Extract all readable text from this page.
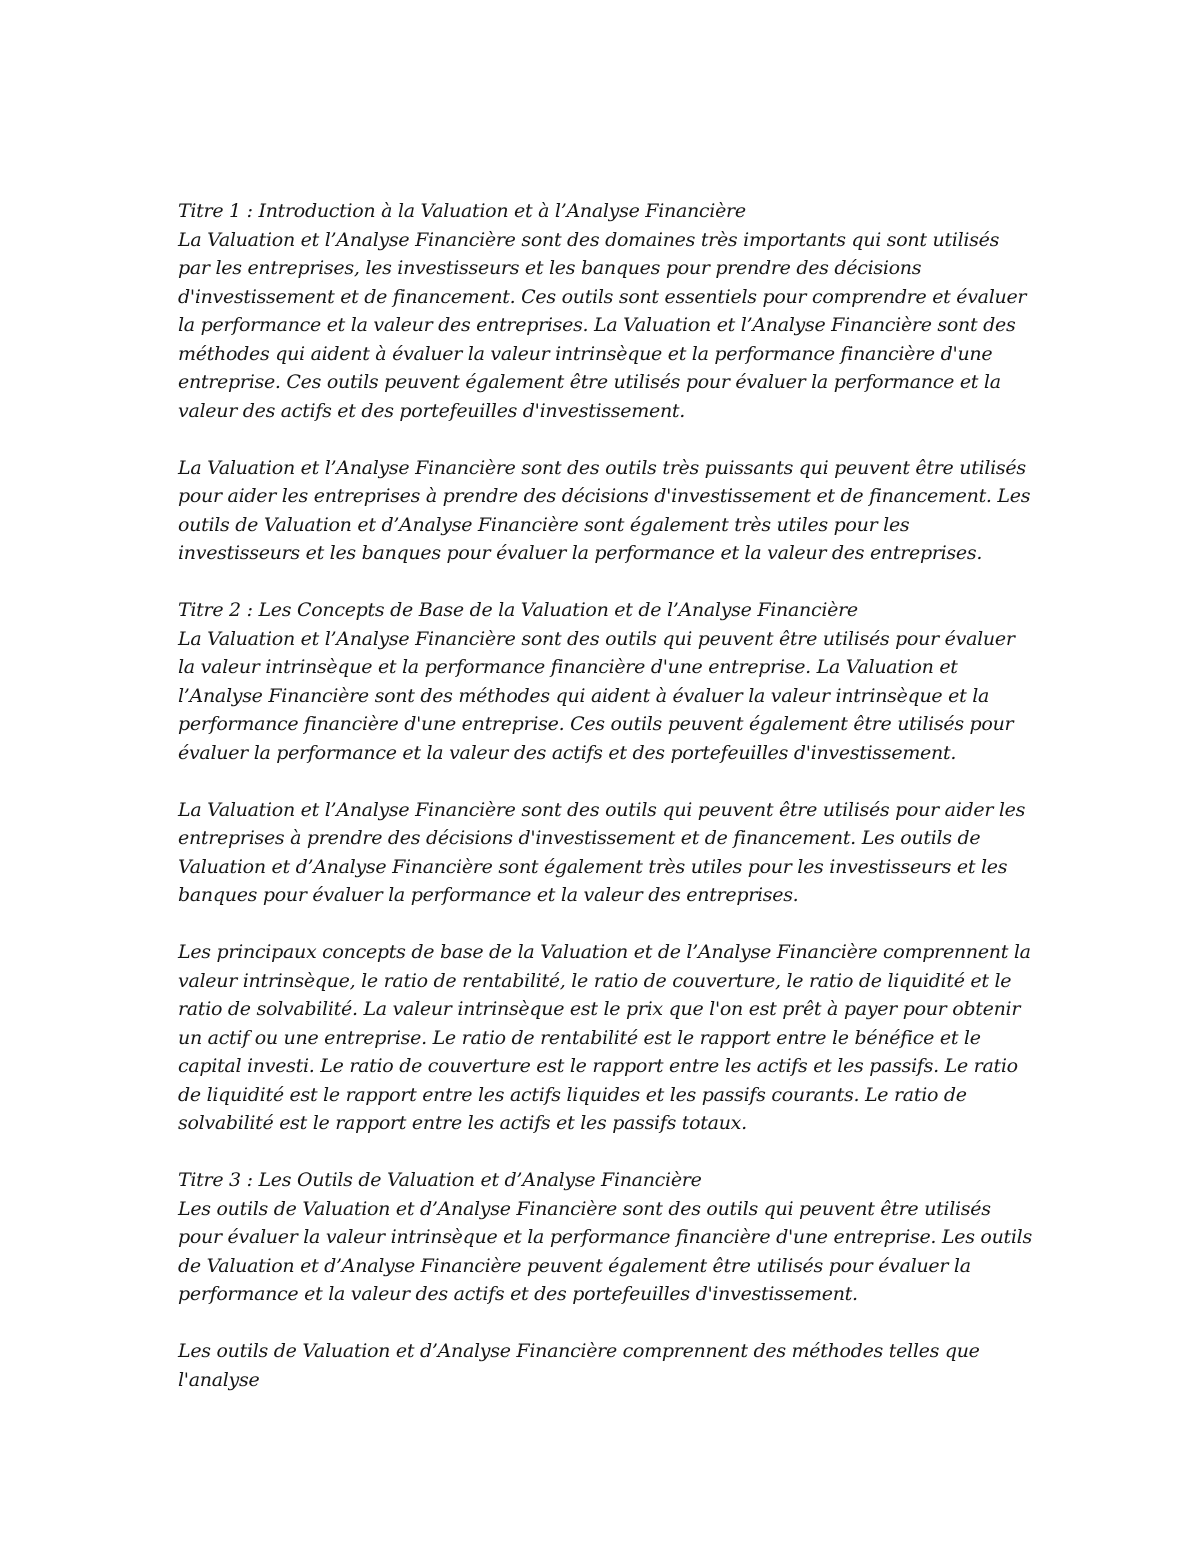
Titre 1 : Introduction à la Valuation et à l’Analyse Financière

La Valuation et l’Analyse Financière sont des domaines très importants qui sont utilisés par les entreprises, les investisseurs et les banques pour prendre des décisions d'investissement et de financement. Ces outils sont essentiels pour comprendre et évaluer la performance et la valeur des entreprises. La Valuation et l’Analyse Financière sont des méthodes qui aident à évaluer la valeur intrinsèque et la performance financière d'une entreprise. Ces outils peuvent également être utilisés pour évaluer la performance et la valeur des actifs et des portefeuilles d'investissement.

La Valuation et l’Analyse Financière sont des outils très puissants qui peuvent être utilisés pour aider les entreprises à prendre des décisions d'investissement et de financement. Les outils de Valuation et d’Analyse Financière sont également très utiles pour les investisseurs et les banques pour évaluer la performance et la valeur des entreprises.

Titre 2 : Les Concepts de Base de la Valuation et de l’Analyse Financière

La Valuation et l’Analyse Financière sont des outils qui peuvent être utilisés pour évaluer la valeur intrinsèque et la performance financière d'une entreprise. La Valuation et l’Analyse Financière sont des méthodes qui aident à évaluer la valeur intrinsèque et la performance financière d'une entreprise. Ces outils peuvent également être utilisés pour évaluer la performance et la valeur des actifs et des portefeuilles d'investissement.

La Valuation et l’Analyse Financière sont des outils qui peuvent être utilisés pour aider les entreprises à prendre des décisions d'investissement et de financement. Les outils de Valuation et d’Analyse Financière sont également très utiles pour les investisseurs et les banques pour évaluer la performance et la valeur des entreprises.

Les principaux concepts de base de la Valuation et de l’Analyse Financière comprennent la valeur intrinsèque, le ratio de rentabilité, le ratio de couverture, le ratio de liquidité et le ratio de solvabilité. La valeur intrinsèque est le prix que l'on est prêt à payer pour obtenir un actif ou une entreprise. Le ratio de rentabilité est le rapport entre le bénéfice et le capital investi. Le ratio de couverture est le rapport entre les actifs et les passifs. Le ratio de liquidité est le rapport entre les actifs liquides et les passifs courants. Le ratio de solvabilité est le rapport entre les actifs et les passifs totaux.

Titre 3 : Les Outils de Valuation et d’Analyse Financière

Les outils de Valuation et d’Analyse Financière sont des outils qui peuvent être utilisés pour évaluer la valeur intrinsèque et la performance financière d'une entreprise. Les outils de Valuation et d’Analyse Financière peuvent également être utilisés pour évaluer la performance et la valeur des actifs et des portefeuilles d'investissement.

Les outils de Valuation et d’Analyse Financière comprennent des méthodes telles que l'analyse
